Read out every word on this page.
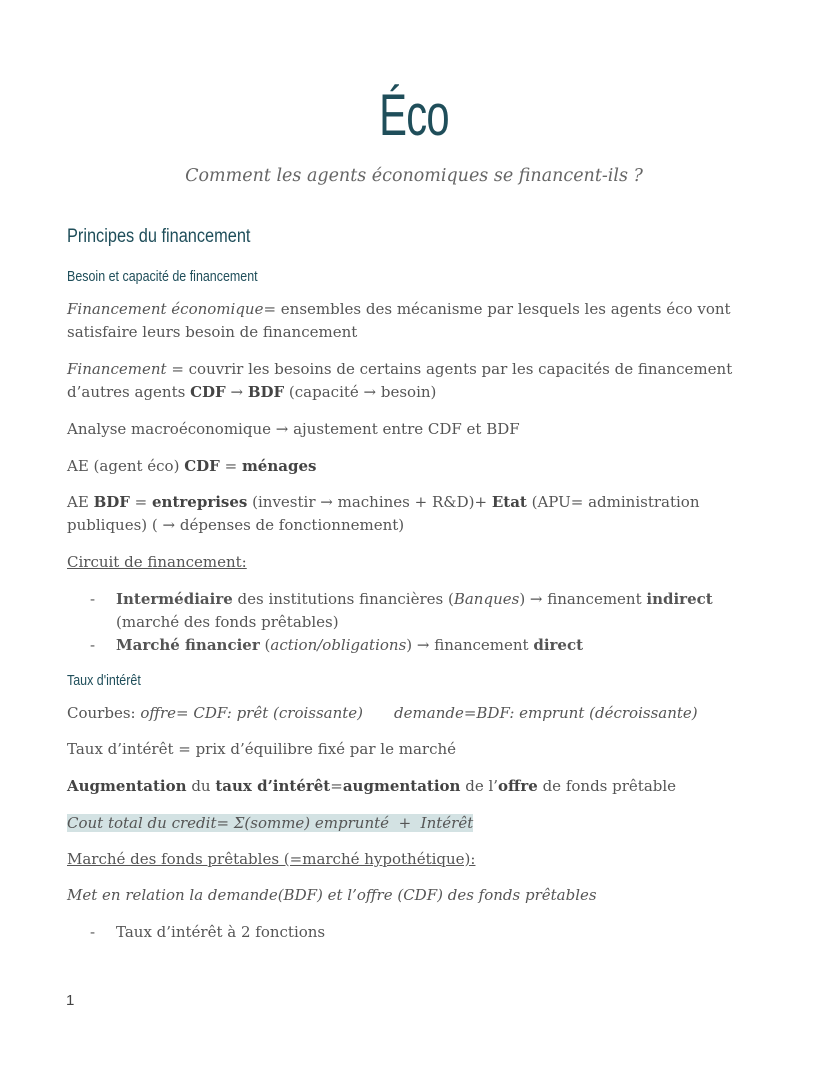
Éco
Comment les agents économiques se financent-ils ?
Principes du financement
Besoin et capacité de financement
Financement économique= ensembles des mécanisme par lesquels les agents éco vont satisfaire leurs besoin de financement
Financement = couvrir les besoins de certains agents par les capacités de financement d’autres agents CDF → BDF (capacité → besoin)
Analyse macroéconomique → ajustement entre CDF et BDF
AE (agent éco) CDF = ménages
AE BDF = entreprises (investir → machines + R&D)+ Etat (APU= administration publiques) ( → dépenses de fonctionnement)
Circuit de financement:
- Intermédiaire des institutions financières (Banques) → financement indirect (marché des fonds prêtables)
- Marché financier (action/obligations) → financement direct
Taux d'intérêt
Courbes: offre= CDF: prêt (croissante) demande=BDF: emprunt (décroissante)
Taux d’intérêt = prix d’équilibre fixé par le marché
Augmentation du taux d’intérêt=augmentation de l’offre de fonds prêtable
Cout total du credit= Σ(somme) emprunté  +  Intérêt
Marché des fonds prêtables (=marché hypothétique):
Met en relation la demande(BDF) et l’offre (CDF) des fonds prêtables
- Taux d’intérêt à 2 fonctions
1
